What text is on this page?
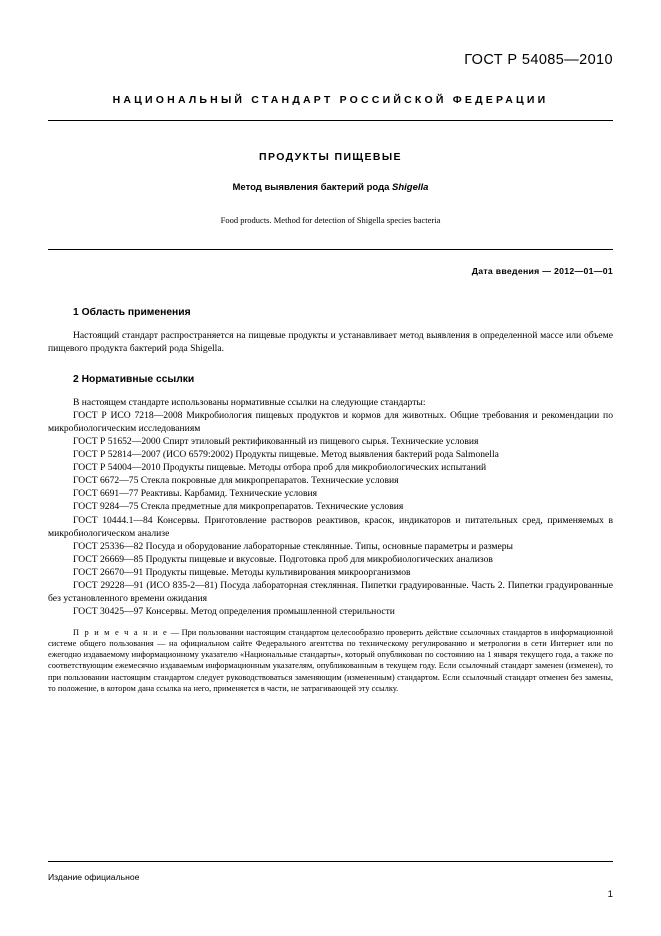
ГОСТ Р 54085—2010
НАЦИОНАЛЬНЫЙ СТАНДАРТ РОССИЙСКОЙ ФЕДЕРАЦИИ
ПРОДУКТЫ ПИЩЕВЫЕ
Метод выявления бактерий рода Shigella
Food products. Method for detection of Shigella species bacteria
Дата введения — 2012—01—01
1 Область применения

Настоящий стандарт распространяется на пищевые продукты и устанавливает метод выявления в определенной массе или объеме пищевого продукта бактерий рода Shigella.

2 Нормативные ссылки

В настоящем стандарте использованы нормативные ссылки на следующие стандарты:

ГОСТ Р ИСО 7218—2008 Микробиология пищевых продуктов и кормов для животных. Общие требования и рекомендации по микробиологическим исследованиям

ГОСТ Р 51652—2000 Спирт этиловый ректификованный из пищевого сырья. Технические условия

ГОСТ Р 52814—2007 (ИСО 6579:2002) Продукты пищевые. Метод выявления бактерий рода Salmonella

ГОСТ Р 54004—2010 Продукты пищевые. Методы отбора проб для микробиологических испытаний

ГОСТ 6672—75 Стекла покровные для микропрепаратов. Технические условия

ГОСТ 6691—77 Реактивы. Карбамид. Технические условия

ГОСТ 9284—75 Стекла предметные для микропрепаратов. Технические условия

ГОСТ 10444.1—84 Консервы. Приготовление растворов реактивов, красок, индикаторов и питательных сред, применяемых в микробиологическом анализе

ГОСТ 25336—82 Посуда и оборудование лабораторные стеклянные. Типы, основные параметры и размеры

ГОСТ 26669—85 Продукты пищевые и вкусовые. Подготовка проб для микробиологических анализов

ГОСТ 26670—91 Продукты пищевые. Методы культивирования микроорганизмов

ГОСТ 29228—91 (ИСО 835-2—81) Посуда лабораторная стеклянная. Пипетки градуированные. Часть 2. Пипетки градуированные без установленного времени ожидания

ГОСТ 30425—97 Консервы. Метод определения промышленной стерильности

П р и м е ч а н и е — При пользовании настоящим стандартом целесообразно проверить действие ссылочных стандартов в информационной системе общего пользования — на официальном сайте Федерального агентства по техническому регулированию и метрологии в сети Интернет или по ежегодно издаваемому информационному указателю «Национальные стандарты», который опубликован по состоянию на 1 января текущего года, а также по соответствующим ежемесячно издаваемым информационным указателям, опубликованным в текущем году. Если ссылочный стандарт заменен (изменен), то при пользовании настоящим стандартом следует руководствоваться заменяющим (измененным) стандартом. Если ссылочный стандарт отменен без замены, то положение, в котором дана ссылка на него, применяется в части, не затрагивающей эту ссылку.
Издание официальное
1
